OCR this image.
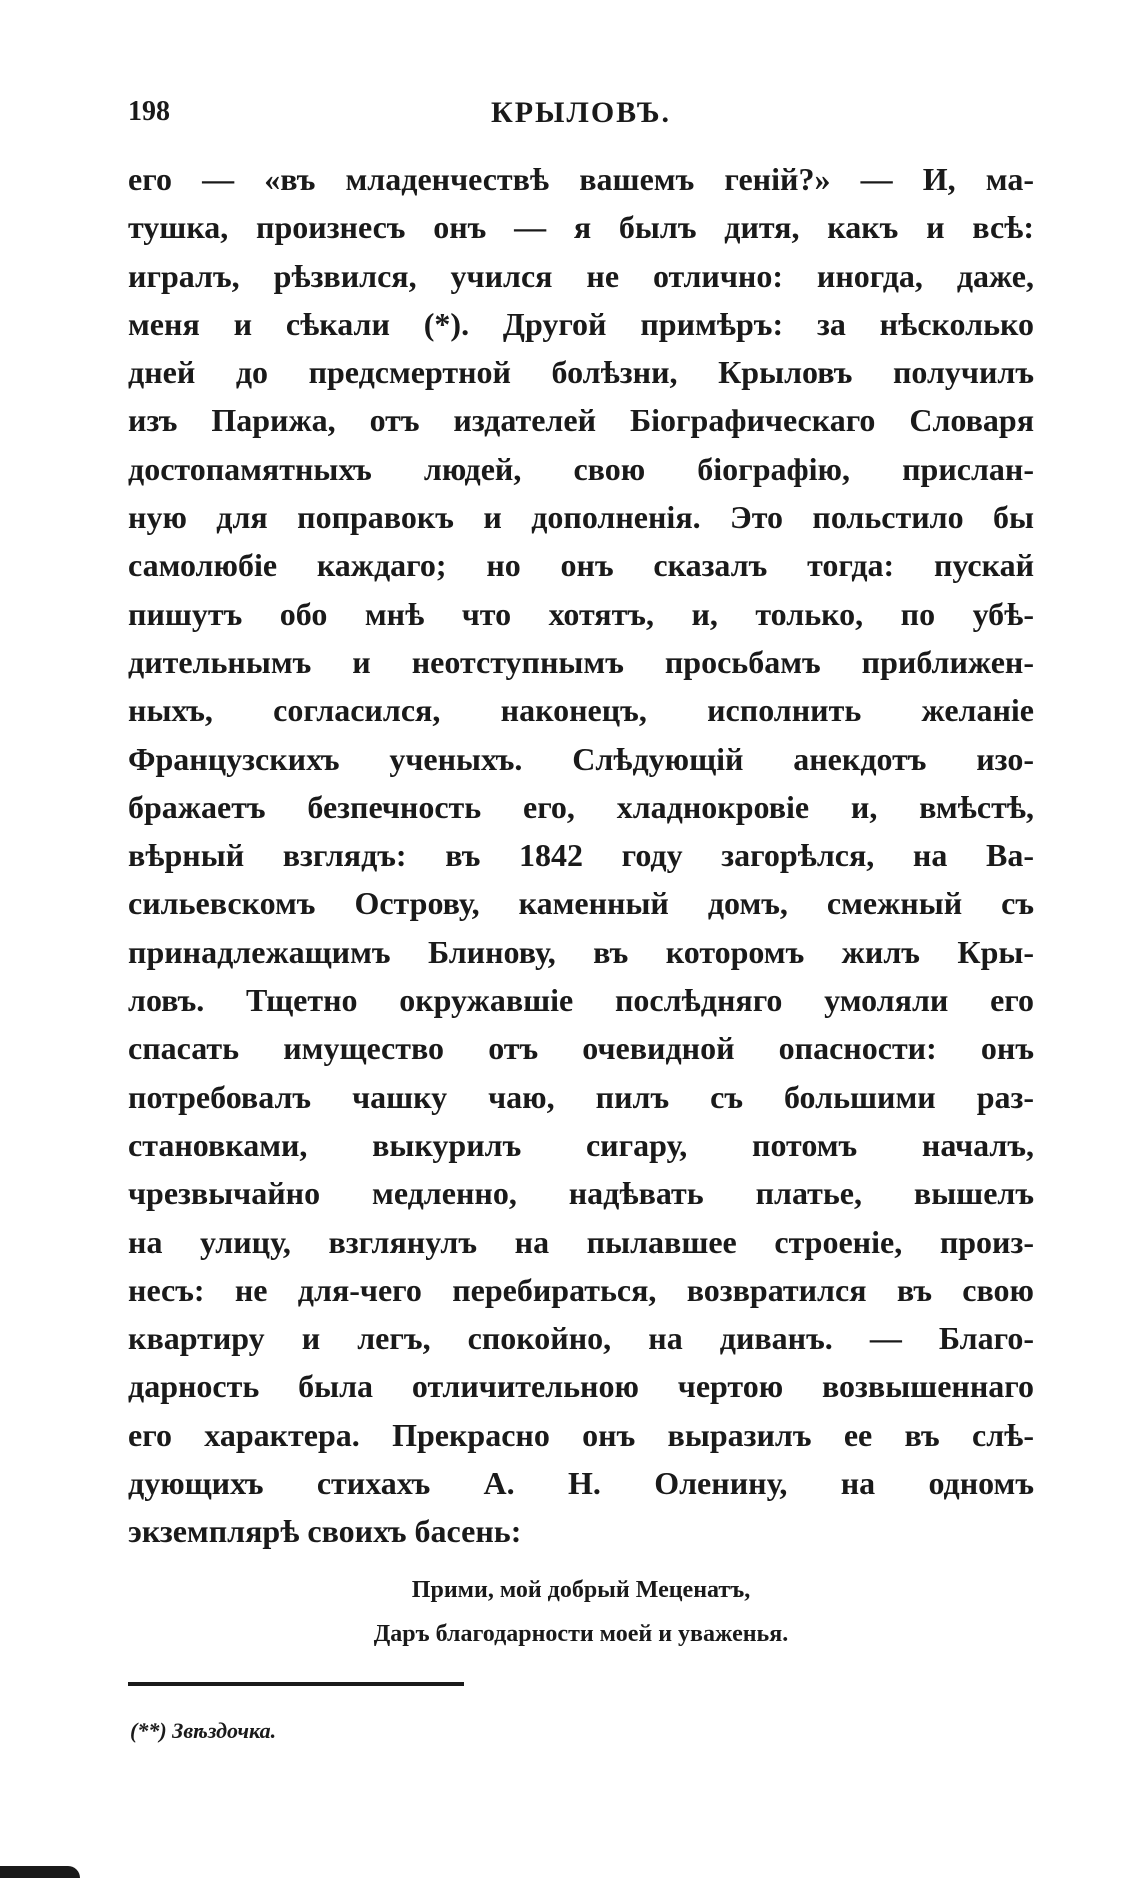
198	КРЫЛОВЪ.
его — «въ младенчествѣ вашемъ генiй?» — И, ма-
тушка, произнесъ онъ — я былъ дитя, какъ и всѣ:
игралъ, рѣзвился, учился не отлично: иногда, даже,
меня и сѣкали (*). Другой примѣръ: за нѣсколько
дней до предсмертной болѣзни, Крыловъ получилъ
изъ Парижа, отъ издателей Бiографическаго Словаря
достопамятныхъ людей, свою бiографiю, прислан-
ную для поправокъ и дополненiя. Это польстило бы
самолюбiе каждаго; но онъ сказалъ тогда: пускай
пишутъ обо мнѣ что хотятъ, и, только, по убѣ-
дительнымъ и неотступнымъ просьбамъ приближен-
ныхъ, согласился, наконецъ, исполнить желанiе
Французскихъ ученыхъ. Слѣдующiй анекдотъ изо-
бражаетъ безпечность его, хладнокровiе и, вмѣстѣ,
вѣрный взглядъ: въ 1842 году загорѣлся, на Ва-
сильевскомъ Острову, каменный домъ, смежный съ
принадлежащимъ Блинову, въ которомъ жилъ Кры-
ловъ. Тщетно окружавшiе послѣдняго умоляли его
спасать имущество отъ очевидной опасности: онъ
потребовалъ чашку чаю, пилъ съ большими раз-
становками, выкурилъ сигару, потомъ началъ,
чрезвычайно медленно, надѣвать платье, вышелъ
на улицу, взглянулъ на пылавшее строенiе, произ-
несъ: не для-чего перебираться, возвратился въ свою
квартиру и легъ, спокойно, на диванъ. — Благо-
дарность была отличительною чертою возвышеннаго
его характера. Прекрасно онъ выразилъ ее въ слѣ-
дующихъ стихахъ А. Н. Оленину, на одномъ
экземплярѣ своихъ басень:
Прими, мой добрый Меценатъ,
Даръ благодарности моей и уваженья.
(**) Звѣздочка.
